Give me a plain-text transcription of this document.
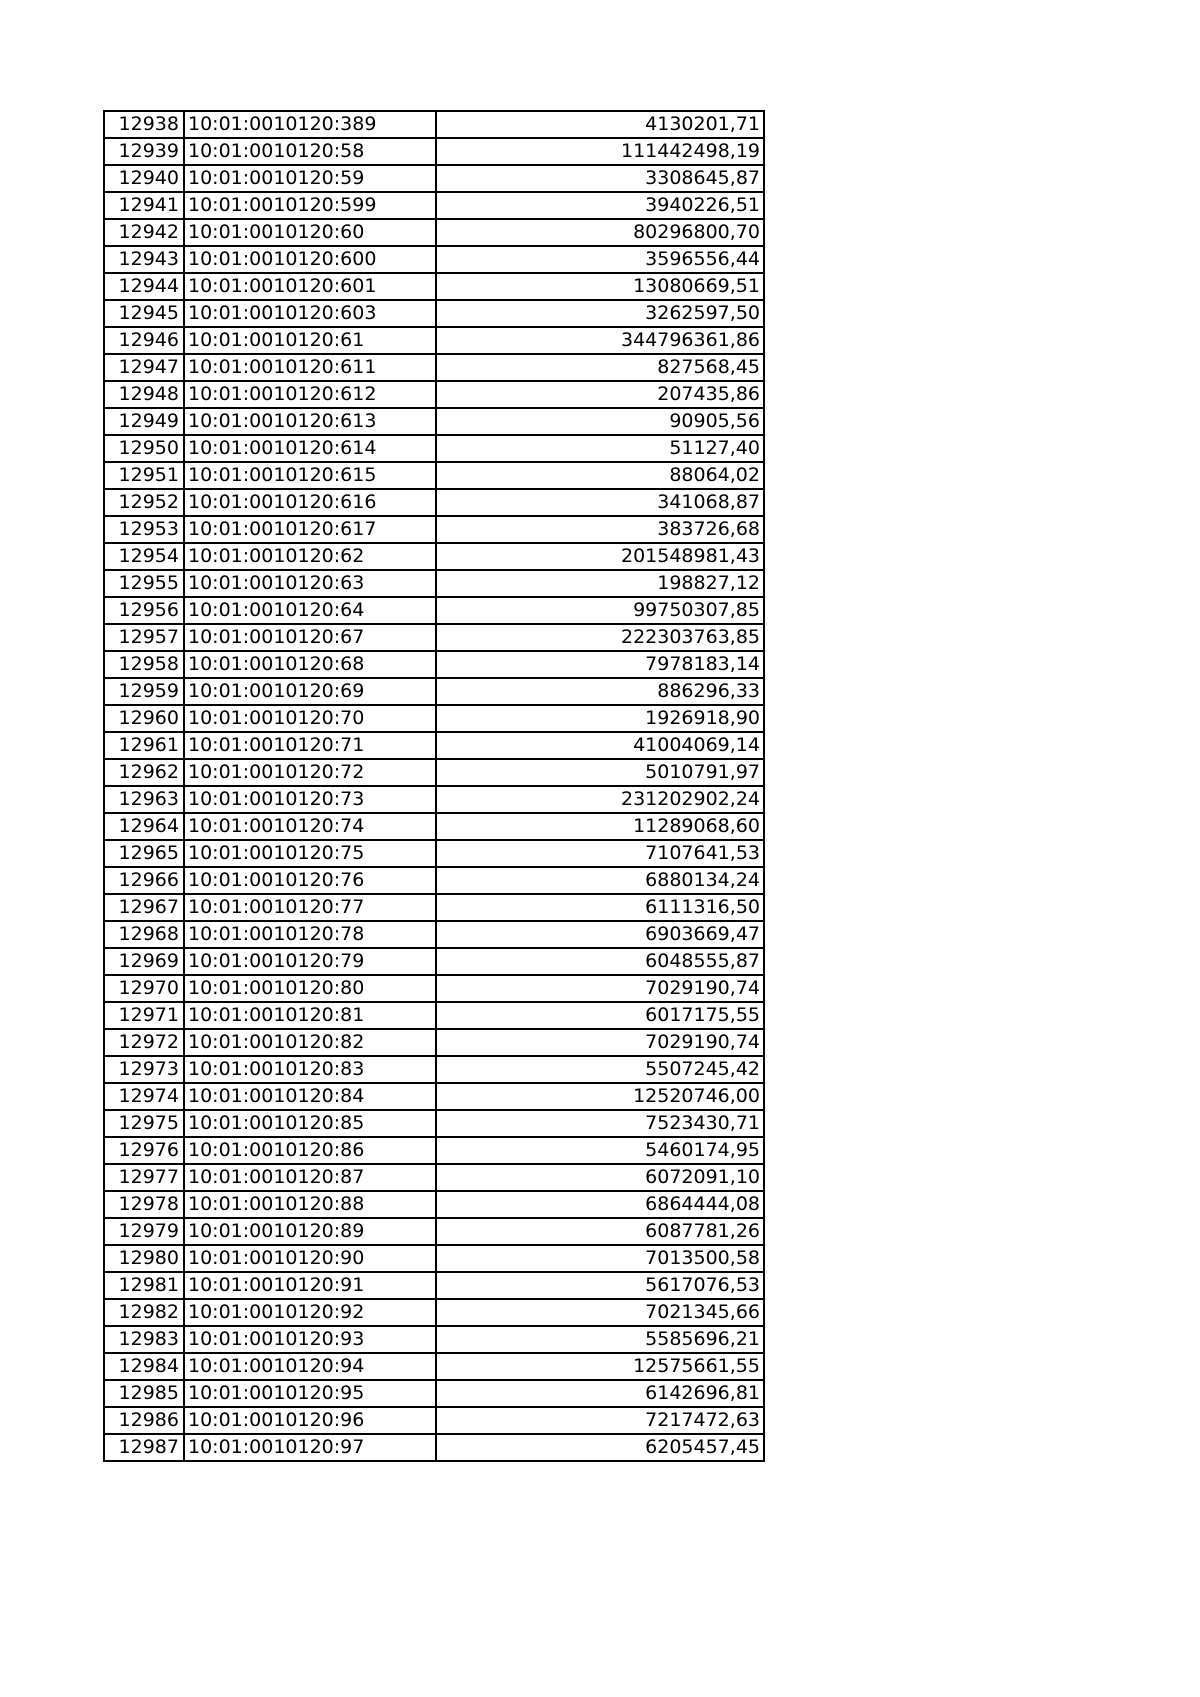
12938	10:01:0010120:389	4130201,71
12939	10:01:0010120:58	111442498,19
12940	10:01:0010120:59	3308645,87
12941	10:01:0010120:599	3940226,51
12942	10:01:0010120:60	80296800,70
12943	10:01:0010120:600	3596556,44
12944	10:01:0010120:601	13080669,51
12945	10:01:0010120:603	3262597,50
12946	10:01:0010120:61	344796361,86
12947	10:01:0010120:611	827568,45
12948	10:01:0010120:612	207435,86
12949	10:01:0010120:613	90905,56
12950	10:01:0010120:614	51127,40
12951	10:01:0010120:615	88064,02
12952	10:01:0010120:616	341068,87
12953	10:01:0010120:617	383726,68
12954	10:01:0010120:62	201548981,43
12955	10:01:0010120:63	198827,12
12956	10:01:0010120:64	99750307,85
12957	10:01:0010120:67	222303763,85
12958	10:01:0010120:68	7978183,14
12959	10:01:0010120:69	886296,33
12960	10:01:0010120:70	1926918,90
12961	10:01:0010120:71	41004069,14
12962	10:01:0010120:72	5010791,97
12963	10:01:0010120:73	231202902,24
12964	10:01:0010120:74	11289068,60
12965	10:01:0010120:75	7107641,53
12966	10:01:0010120:76	6880134,24
12967	10:01:0010120:77	6111316,50
12968	10:01:0010120:78	6903669,47
12969	10:01:0010120:79	6048555,87
12970	10:01:0010120:80	7029190,74
12971	10:01:0010120:81	6017175,55
12972	10:01:0010120:82	7029190,74
12973	10:01:0010120:83	5507245,42
12974	10:01:0010120:84	12520746,00
12975	10:01:0010120:85	7523430,71
12976	10:01:0010120:86	5460174,95
12977	10:01:0010120:87	6072091,10
12978	10:01:0010120:88	6864444,08
12979	10:01:0010120:89	6087781,26
12980	10:01:0010120:90	7013500,58
12981	10:01:0010120:91	5617076,53
12982	10:01:0010120:92	7021345,66
12983	10:01:0010120:93	5585696,21
12984	10:01:0010120:94	12575661,55
12985	10:01:0010120:95	6142696,81
12986	10:01:0010120:96	7217472,63
12987	10:01:0010120:97	6205457,45
